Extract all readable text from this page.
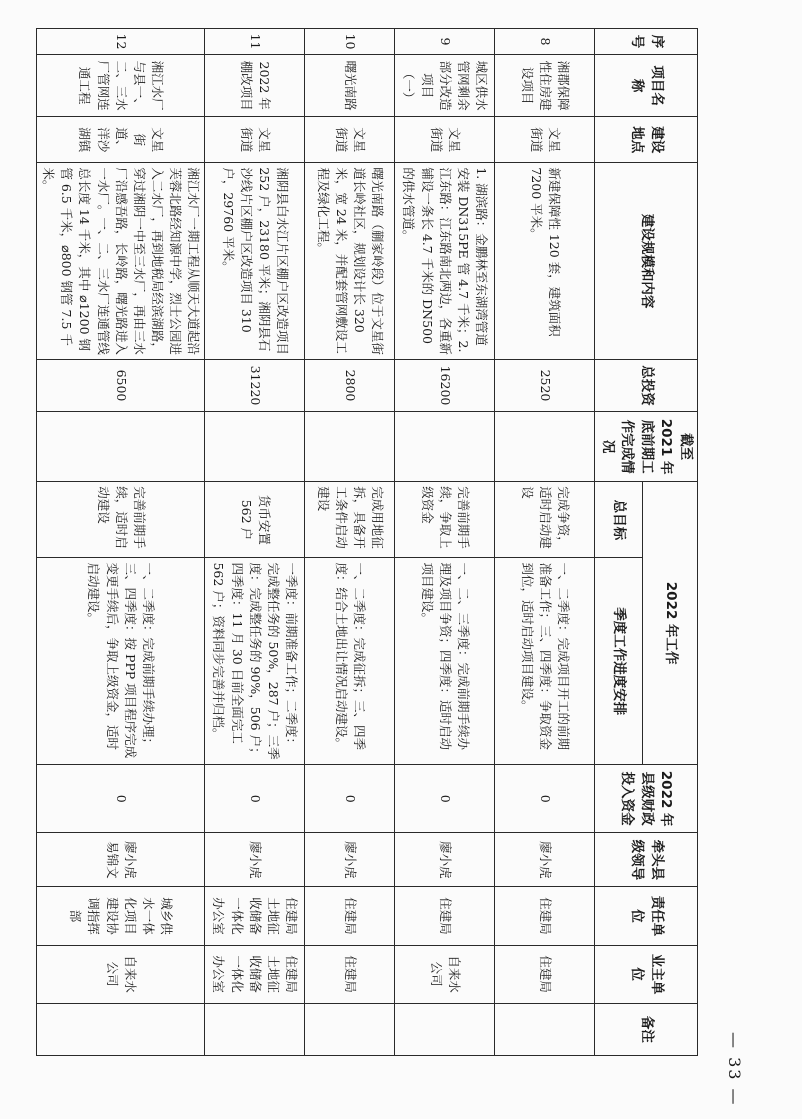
序号	项目名称	建设地点	建设规模和内容	总投资	截至 2021 年底前期工作完成情况	2022 年工作		2022 年县级财政投入资金	牵头县级领导	责任单位	业主单位	备注
						总目标	季度工作进度安排					
8	湘郡保障性住房建设项目	文星街道	新建保障性 120 套，建筑面积 7200 平米。	2520		完成争资，适时启动建设	一、二季度：完成项目开工的前期准备工作；三、四季度：争取资金到位，适时启动项目建设。	0	廖小虎	住建局	住建局	
9	城区供水管网剩余部分改造项目（一）	文星街道	1. 湖滨路：金鹏林至东湖湾管道安装 DN315PE 管 4.7 千米；2. 江东路：江东路南北两边，各重新铺设一条长 4.7 千米的 DN500 的供水管道。	16200		完善前期手续，争取上级资金	一、二、三季度：完成前期手续办理及项目争资；四季度：适时启动项目建设。	0	廖小虎	住建局	自来水公司	
10	曙光南路	文星街道	曙光南路（蒯家岭段）位于文星街道长岭社区，规划设计长 320 米，宽 24 米，并配套管网敷设工程及绿化工程。	2800		完成用地征拆，具备开工条件启动建设	一、二季度：完成征拆；三、四季度：结合土地出让情况启动建设。	0	廖小虎	住建局	住建局	
11	2022 年棚改项目	文星街道	湘阴县白水江片区棚户区改造项目 252 户，23180 平米；湘阴县石沙线片区棚户区改造项目 310 户，29760 平米。	31220		货币安置 562 户	一季度：前期准备工作；二季度：完成整任务的 50%，287 户；三季度：完成整任务的 90%，506 户；四季度：11 月 30 日前全面完工 562 户；资料同步完善并归档。	0	廖小虎	住建局土地征收储备一体化办公室	住建局土地征收储备一体化办公室	
12	湘江水厂与县一、二、三水厂管网连通工程	文星街道、洋沙湖镇	湘江水厂一期工程从顺天大道起沿芙蓉北路经知源中学，烈士公园进入二水厂，再到地税局经滨湖路，穿过湘阴一中至三水厂，再由三水厂沿感吾路，长岭路，曙光路进入一水厂。一、二、三水厂连通管线总长度 14 千米，其中 ⌀1200 钢管 6.5 千米，⌀800 钢管 7.5 千米。	6500		完善前期手续，适时启动建设	一、二季度：完成前期手续办理；三、四季度：按 PPP 项目程序完成变更手续后，争取上级资金，适时启动建设。	0	廖小虎易锦文	城乡供水一体化项目建设协调指挥部	自来水公司	
— 33 —
